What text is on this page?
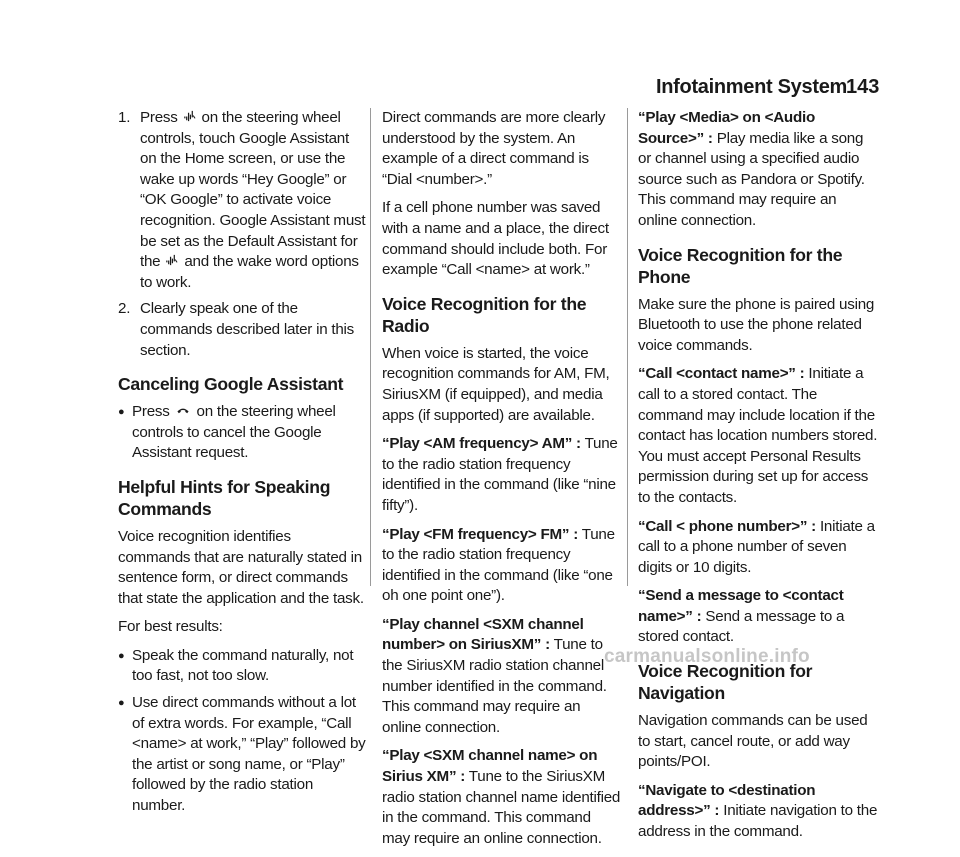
Infotainment System 143
1. Press on the steering wheel controls, touch Google Assistant on the Home screen, or use the wake up words “Hey Google” or “OK Google” to activate voice recognition. Google Assistant must be set as the Default Assistant for the and the wake word options to work.
2. Clearly speak one of the commands described later in this section.
Canceling Google Assistant
● Press on the steering wheel controls to cancel the Google Assistant request.
Helpful Hints for Speaking Commands

Voice recognition identifies commands that are naturally stated in sentence form, or direct commands that state the application and the task.

For best results:

● Speak the command naturally, not too fast, not too slow.
● Use direct commands without a lot of extra words. For example, “Call <name> at work,” “Play” followed by the artist or song name, or “Play” followed by the radio station number.

Direct commands are more clearly understood by the system. An example of a direct command is “Dial <number>.”

If a cell phone number was saved with a name and a place, the direct command should include both. For example “Call <name> at work.”

Voice Recognition for the Radio

When voice is started, the voice recognition commands for AM, FM, SiriusXM (if equipped), and media apps (if supported) are available.

“Play <AM frequency> AM” : Tune to the radio station frequency identified in the command (like “nine fifty”).

“Play <FM frequency> FM” : Tune to the radio station frequency identified in the command (like “one oh one point one”).

“Play channel <SXM channel number> on SiriusXM” : Tune to the SiriusXM radio station channel number identified in the command. This command may require an online connection.

“Play <SXM channel name> on Sirius XM” : Tune to the SiriusXM radio station channel name identified in the command. This command may require an online connection.

“Play <Media> on <Audio Source>” : Play media like a song or channel using a specified audio source such as Pandora or Spotify. This command may require an online connection.

Voice Recognition for the Phone

Make sure the phone is paired using Bluetooth to use the phone related voice commands.

“Call <contact name>” : Initiate a call to a stored contact. The command may include location if the contact has location numbers stored. You must accept Personal Results permission during set up for access to the contacts.

“Call < phone number>” : Initiate a call to a phone number of seven digits or 10 digits.

“Send a message to <contact name>” : Send a message to a stored contact.

Voice Recognition for Navigation

Navigation commands can be used to start, cancel route, or add way points/POI.

“Navigate to <destination address>” : Initiate navigation to the address in the command.

carmanualsonline.info
